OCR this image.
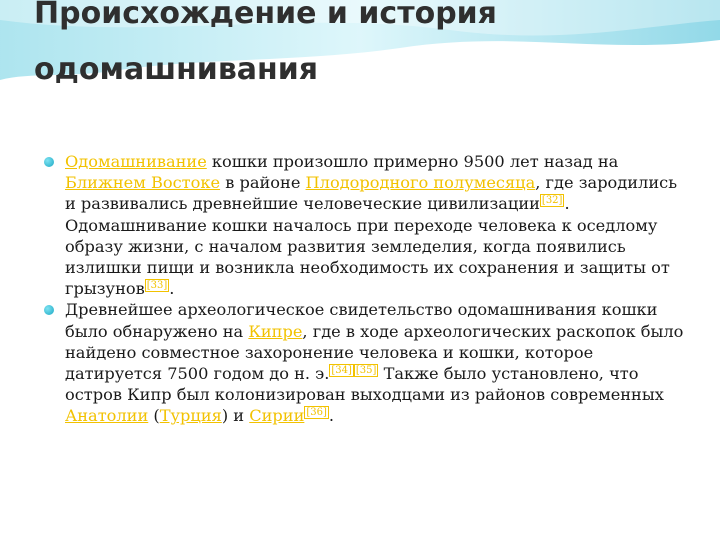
Происхождение и история одомашнивания

Одомашнивание кошки произошло примерно 9500 лет назад на Ближнем Востоке в районе Плодородного полумесяца, где зародились и развивались древнейшие человеческие цивилизации [32] . Одомашнивание кошки началось при переходе человека к оседлому образу жизни, с началом развития земледелия, когда появились излишки пищи и возникла необходимость их сохранения и защиты от грызунов [33] .

Древнейшее археологическое свидетельство одомашнивания кошки было обнаружено на Кипре, где в ходе археологических раскопок было найдено совместное захоронение человека и кошки, которое датируется 7500 годом до н. э. [34] [35] Также было установлено, что остров Кипр был колонизирован выходцами из районов современных Анатолии (Турция) и Сирии [36] .
